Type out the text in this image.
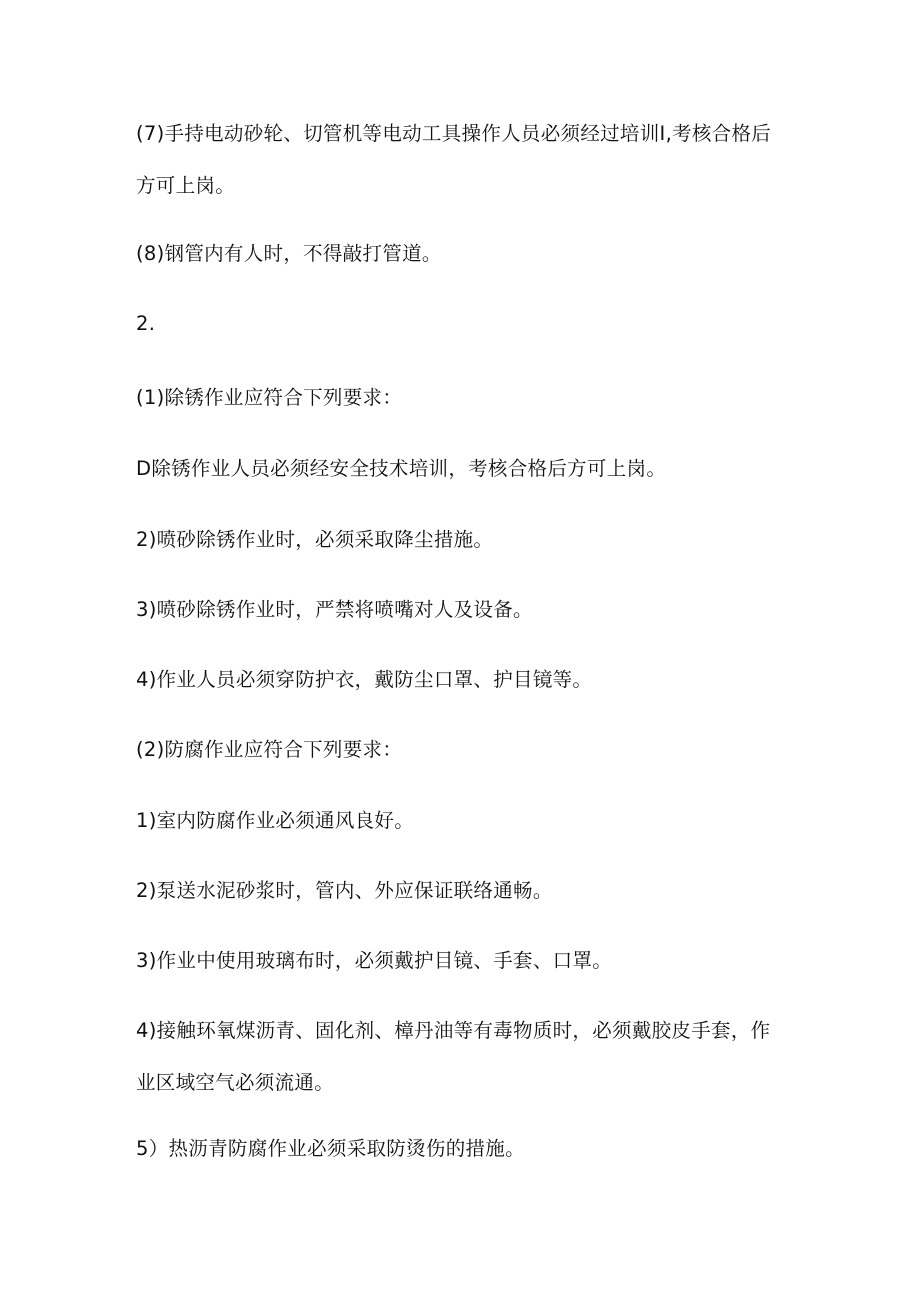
(7)手持电动砂轮、切管机等电动工具操作人员必须经过培训Ⅰ,考核合格后方可上岗。

(8)钢管内有人时，不得敲打管道。

2.

(1)除锈作业应符合下列要求：

D除锈作业人员必须经安全技术培训，考核合格后方可上岗。

2)喷砂除锈作业时，必须采取降尘措施。

3)喷砂除锈作业时，严禁将喷嘴对人及设备。

4)作业人员必须穿防护衣，戴防尘口罩、护目镜等。

(2)防腐作业应符合下列要求：

1)室内防腐作业必须通风良好。

2)泵送水泥砂浆时，管内、外应保证联络通畅。

3)作业中使用玻璃布时，必须戴护目镜、手套、口罩。

4)接触环氧煤沥青、固化剂、樟丹油等有毒物质时，必须戴胶皮手套，作业区域空气必须流通。

5）热沥青防腐作业必须采取防烫伤的措施。
